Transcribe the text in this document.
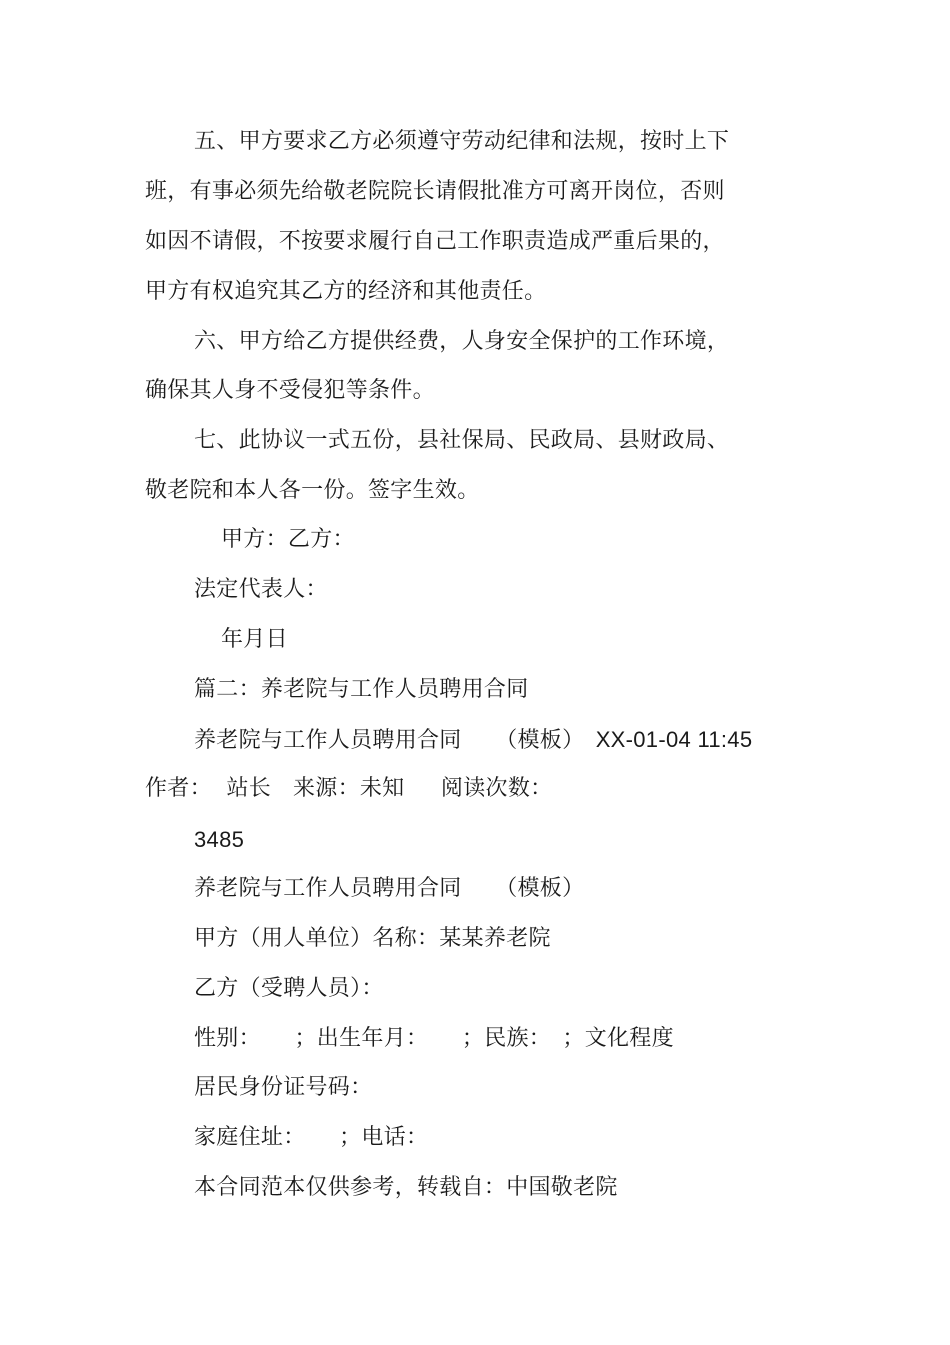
五、甲方要求乙方必须遵守劳动纪律和法规，按时上下
班，有事必须先给敬老院院长请假批准方可离开岗位，否则
如因不请假，不按要求履行自己工作职责造成严重后果的，
甲方有权追究其乙方的经济和其他责任。
六、甲方给乙方提供经费，人身安全保护的工作环境，
确保其人身不受侵犯等条件。
七、此协议一式五份，县社保局、民政局、县财政局、
敬老院和本人各一份。签字生效。
甲方：乙方：
法定代表人：
年月日
篇二：养老院与工作人员聘用合同
养老院与工作人员聘用合同　　（模板）　XX-01-04 11:45
作者：  站长   来源：未知     阅读次数：
3485
养老院与工作人员聘用合同　　（模板）
甲方（用人单位）名称：某某养老院
乙方（受聘人员）：
性别：　　；出生年月：　　；民族：　；文化程度
居民身份证号码：
家庭住址：　　；电话：
本合同范本仅供参考，转载自：中国敬老院
